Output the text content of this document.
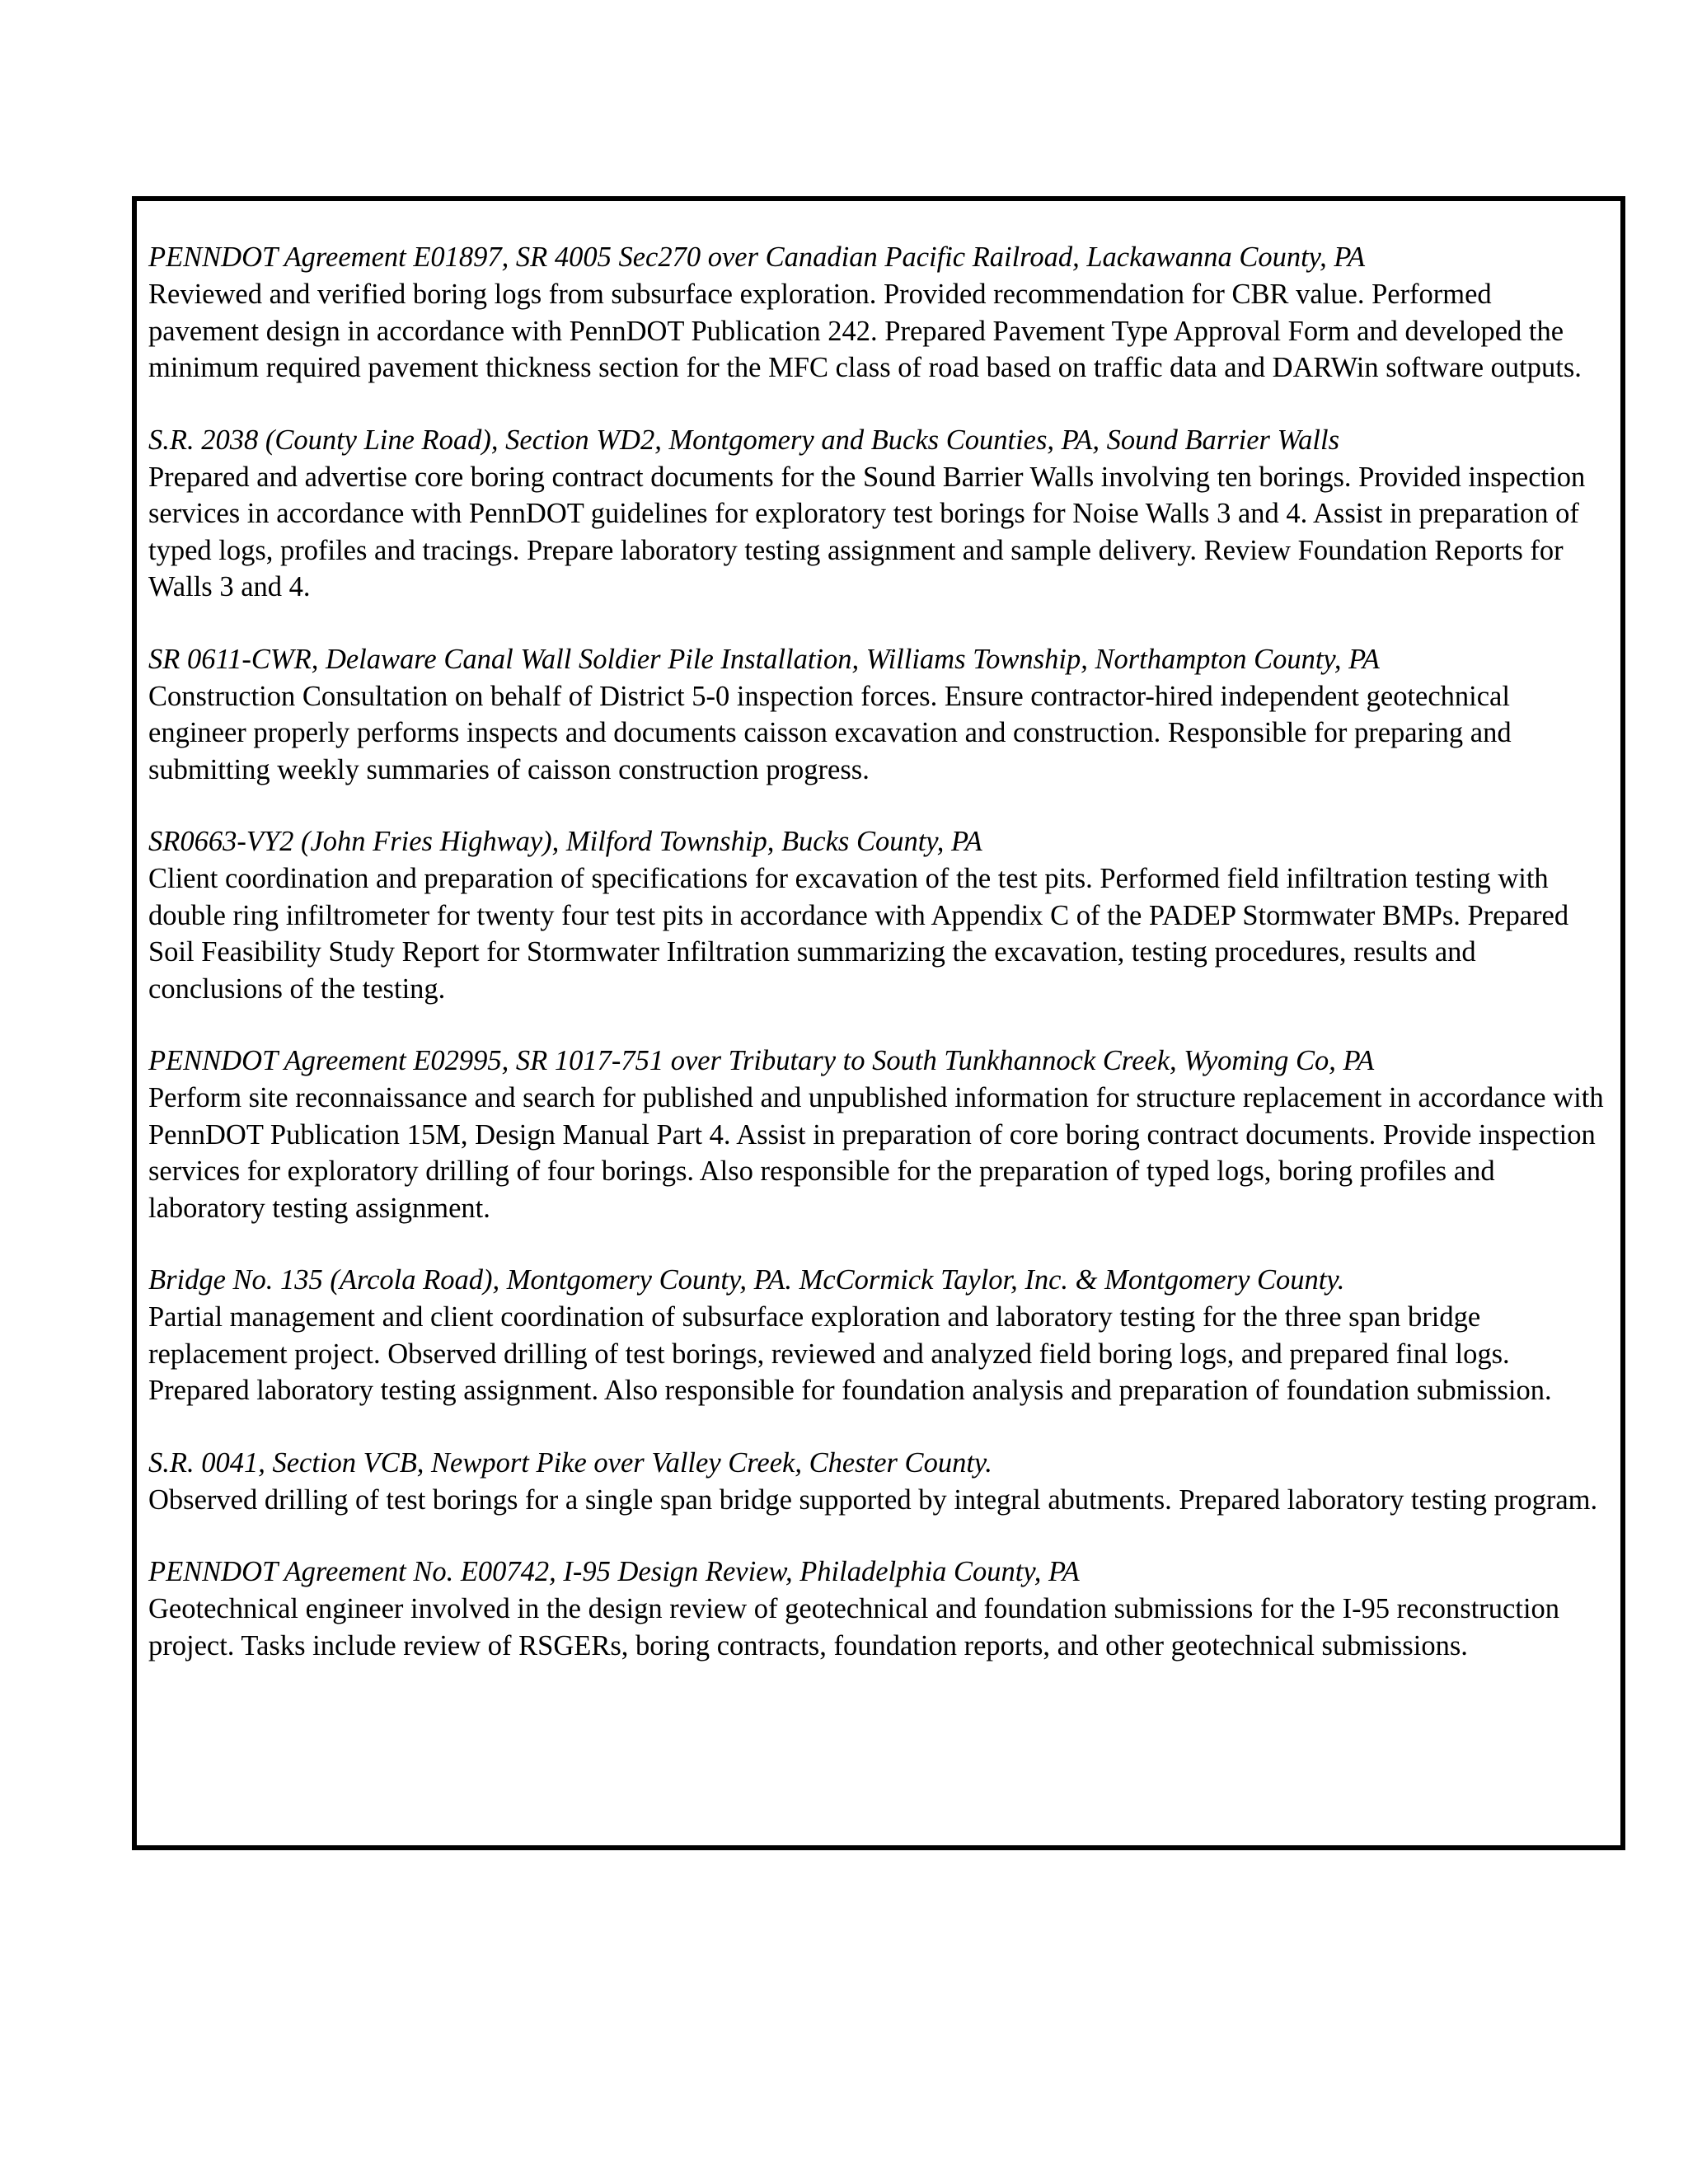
PENNDOT Agreement E01897, SR 4005 Sec270 over Canadian Pacific Railroad, Lackawanna County, PA

Reviewed and verified boring logs from subsurface exploration. Provided recommendation for CBR value. Performed pavement design in accordance with PennDOT Publication 242. Prepared Pavement Type Approval Form and developed the minimum required pavement thickness section for the MFC class of road based on traffic data and DARWin software outputs.

S.R. 2038 (County Line Road), Section WD2, Montgomery and Bucks Counties, PA, Sound Barrier Walls

Prepared and advertise core boring contract documents for the Sound Barrier Walls involving ten borings. Provided inspection services in accordance with PennDOT guidelines for exploratory test borings for Noise Walls 3 and 4. Assist in preparation of typed logs, profiles and tracings. Prepare laboratory testing assignment and sample delivery. Review Foundation Reports for Walls 3 and 4.

SR 0611-CWR, Delaware Canal Wall Soldier Pile Installation, Williams Township, Northampton County, PA

Construction Consultation on behalf of District 5-0 inspection forces. Ensure contractor-hired independent geotechnical engineer properly performs inspects and documents caisson excavation and construction. Responsible for preparing and submitting weekly summaries of caisson construction progress.

SR0663-VY2 (John Fries Highway), Milford Township, Bucks County, PA

Client coordination and preparation of specifications for excavation of the test pits. Performed field infiltration testing with double ring infiltrometer for twenty four test pits in accordance with Appendix C of the PADEP Stormwater BMPs. Prepared Soil Feasibility Study Report for Stormwater Infiltration summarizing the excavation, testing procedures, results and conclusions of the testing.

PENNDOT Agreement E02995, SR 1017-751 over Tributary to South Tunkhannock Creek, Wyoming Co, PA

Perform site reconnaissance and search for published and unpublished information for structure replacement in accordance with PennDOT Publication 15M, Design Manual Part 4. Assist in preparation of core boring contract documents. Provide inspection services for exploratory drilling of four borings. Also responsible for the preparation of typed logs, boring profiles and laboratory testing assignment.

Bridge No. 135 (Arcola Road), Montgomery County, PA. McCormick Taylor, Inc. & Montgomery County.

Partial management and client coordination of subsurface exploration and laboratory testing for the three span bridge replacement project. Observed drilling of test borings, reviewed and analyzed field boring logs, and prepared final logs. Prepared laboratory testing assignment. Also responsible for foundation analysis and preparation of foundation submission.

S.R. 0041, Section VCB, Newport Pike over Valley Creek, Chester County.

Observed drilling of test borings for a single span bridge supported by integral abutments. Prepared laboratory testing program.

PENNDOT Agreement No. E00742, I-95 Design Review, Philadelphia County, PA

Geotechnical engineer involved in the design review of geotechnical and foundation submissions for the I-95 reconstruction project. Tasks include review of RSGERs, boring contracts, foundation reports, and other geotechnical submissions.
